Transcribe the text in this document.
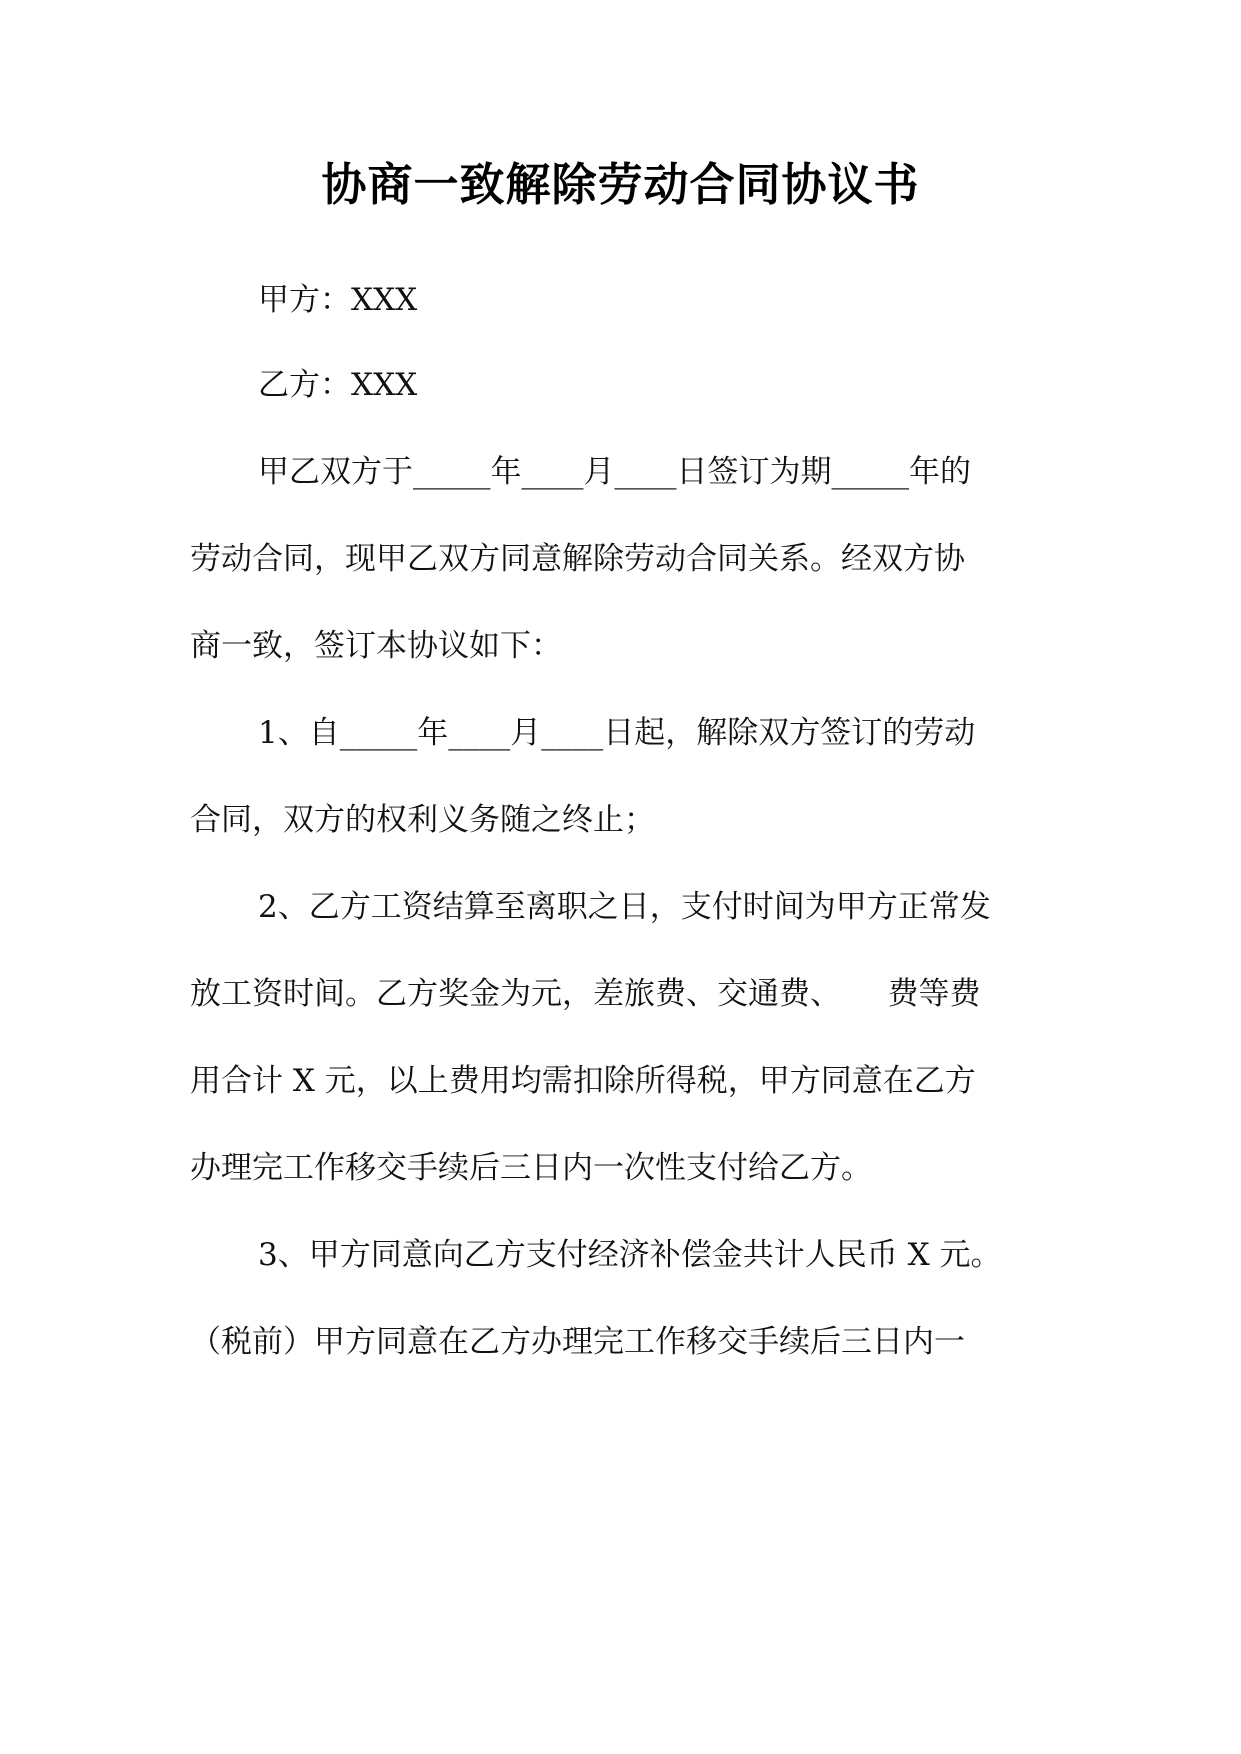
协商一致解除劳动合同协议书
甲方：XXX
乙方：XXX
甲乙双方于_____年____月____日签订为期_____年的
劳动合同，现甲乙双方同意解除劳动合同关系。经双方协
商一致，签订本协议如下：
1、自_____年____月____日起，解除双方签订的劳动
合同，双方的权利义务随之终止；
2、乙方工资结算至离职之日，支付时间为甲方正常发
放工资时间。乙方奖金为元，差旅费、交通费、　　费等费
用合计 X 元，以上费用均需扣除所得税，甲方同意在乙方
办理完工作移交手续后三日内一次性支付给乙方。
3、甲方同意向乙方支付经济补偿金共计人民币 X 元。
（税前）甲方同意在乙方办理完工作移交手续后三日内一
